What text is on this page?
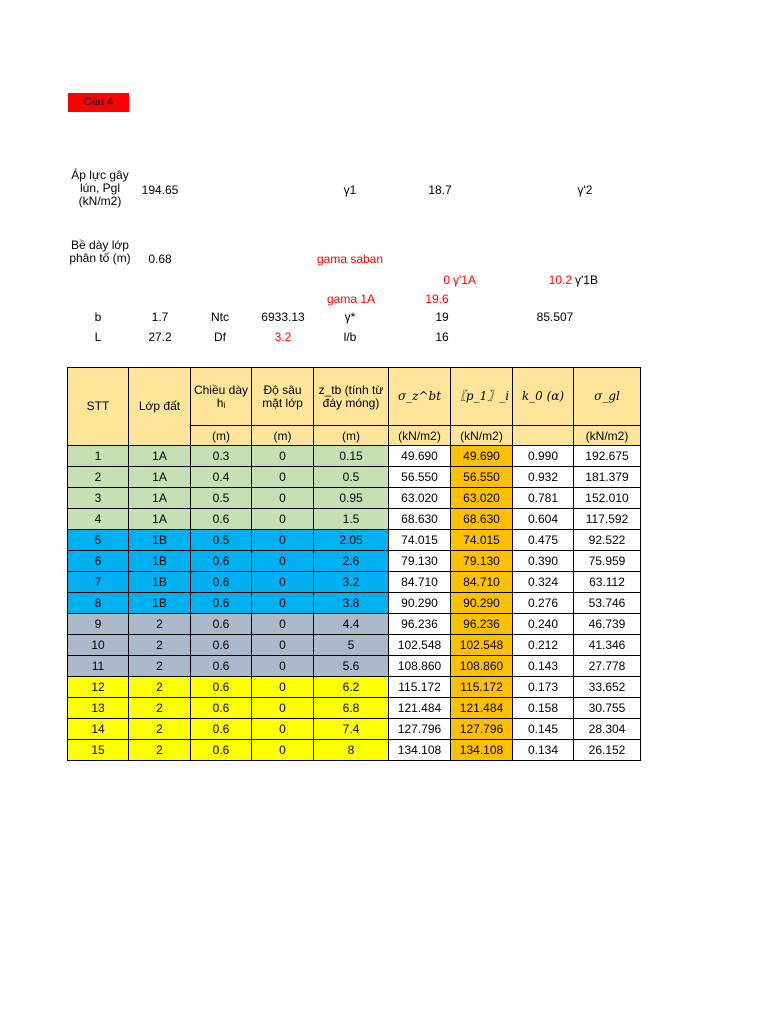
Câu 4
Áp lực gây lún, Pgl (kN/m2)
194.65	γ1	18.7	γ'2
Bề dày lớp phân tố (m)	0.68	gama saban
0 γ'1A	10.2 γ'1B
gama 1A	19.6
b	1.7	Ntc	6933.13	γ*	19	85.507
L	27.2	Df	3.2	l/b	16
STT	Lớp đất	Chiều dày hᵢ	Độ sâu mặt lớp	z_tb (tính từ đáy móng)	σ_z^bt	〖p_1〗_i	k_0 (α)	σ_gl
		(m)	(m)	(m)	(kN/m2)	(kN/m2)		(kN/m2)
1	1A	0.3	0	0.15	49.690	49.690	0.990	192.675
2	1A	0.4	0	0.5	56.550	56.550	0.932	181.379
3	1A	0.5	0	0.95	63.020	63.020	0.781	152.010
4	1A	0.6	0	1.5	68.630	68.630	0.604	117.592
5	1B	0.5	0	2.05	74.015	74.015	0.475	92.522
6	1B	0.6	0	2.6	79.130	79.130	0.390	75.959
7	1B	0.6	0	3.2	84.710	84.710	0.324	63.112
8	1B	0.6	0	3.8	90.290	90.290	0.276	53.746
9	2	0.6	0	4.4	96.236	96.236	0.240	46.739
10	2	0.6	0	5	102.548	102.548	0.212	41.346
11	2	0.6	0	5.6	108.860	108.860	0.143	27.778
12	2	0.6	0	6.2	115.172	115.172	0.173	33.652
13	2	0.6	0	6.8	121.484	121.484	0.158	30.755
14	2	0.6	0	7.4	127.796	127.796	0.145	28.304
15	2	0.6	0	8	134.108	134.108	0.134	26.152
